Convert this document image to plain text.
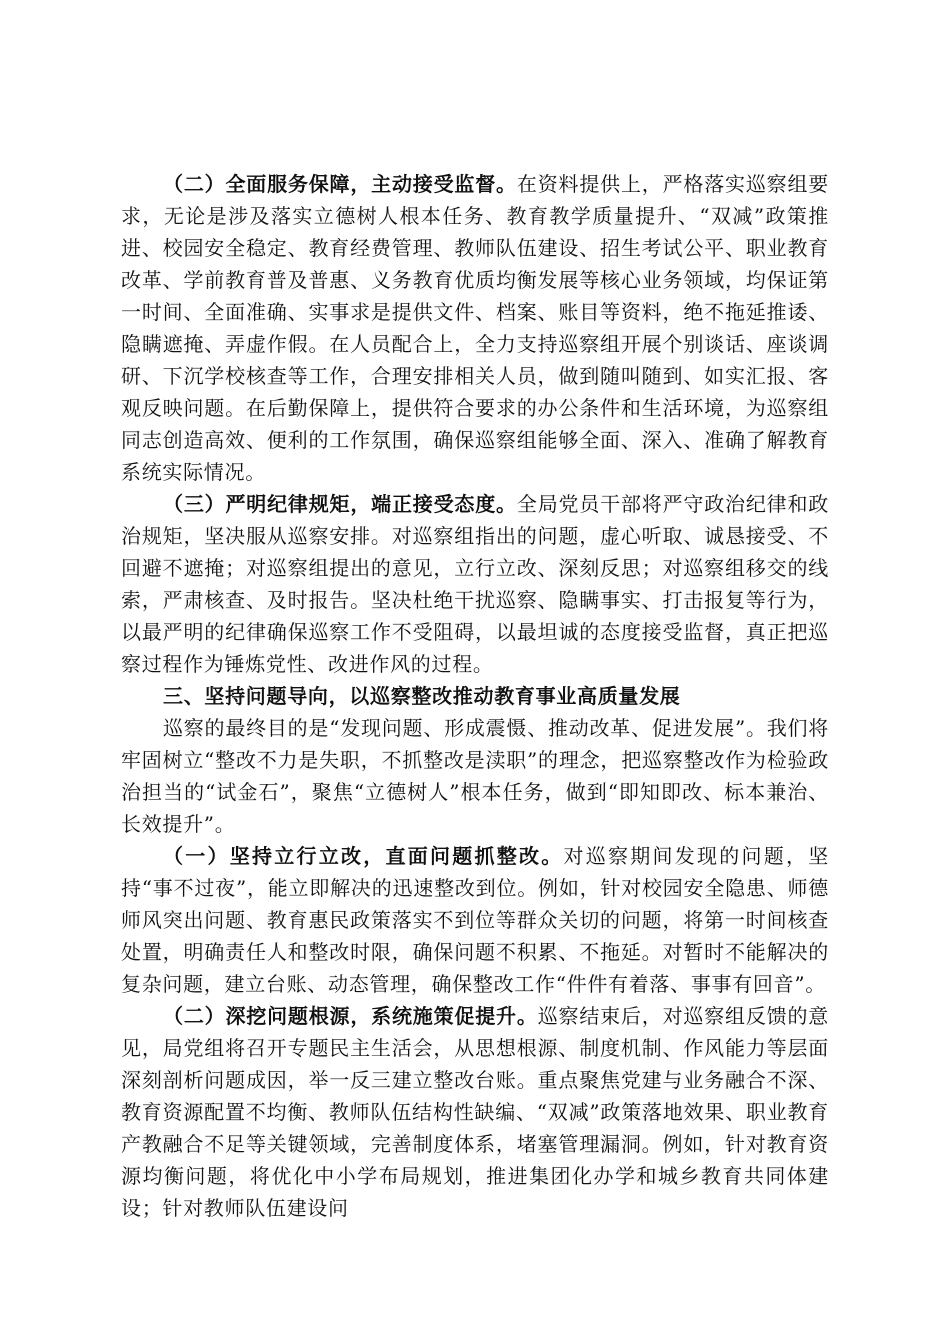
（二）全面服务保障，主动接受监督。在资料提供上，严格落实巡察组要求，无论是涉及落实立德树人根本任务、教育教学质量提升、“双减”政策推进、校园安全稳定、教育经费管理、教师队伍建设、招生考试公平、职业教育改革、学前教育普及普惠、义务教育优质均衡发展等核心业务领域，均保证第一时间、全面准确、实事求是提供文件、档案、账目等资料，绝不拖延推诿、隐瞒遮掩、弄虚作假。在人员配合上，全力支持巡察组开展个别谈话、座谈调研、下沉学校核查等工作，合理安排相关人员，做到随叫随到、如实汇报、客观反映问题。在后勤保障上，提供符合要求的办公条件和生活环境，为巡察组同志创造高效、便利的工作氛围，确保巡察组能够全面、深入、准确了解教育系统实际情况。

（三）严明纪律规矩，端正接受态度。全局党员干部将严守政治纪律和政治规矩，坚决服从巡察安排。对巡察组指出的问题，虚心听取、诚恳接受、不回避不遮掩；对巡察组提出的意见，立行立改、深刻反思；对巡察组移交的线索，严肃核查、及时报告。坚决杜绝干扰巡察、隐瞒事实、打击报复等行为，以最严明的纪律确保巡察工作不受阻碍，以最坦诚的态度接受监督，真正把巡察过程作为锤炼党性、改进作风的过程。

三、坚持问题导向，以巡察整改推动教育事业高质量发展

巡察的最终目的是“发现问题、形成震慑、推动改革、促进发展”。我们将牢固树立“整改不力是失职，不抓整改是渎职”的理念，把巡察整改作为检验政治担当的“试金石”，聚焦“立德树人”根本任务，做到“即知即改、标本兼治、长效提升”。

（一）坚持立行立改，直面问题抓整改。对巡察期间发现的问题，坚持“事不过夜”，能立即解决的迅速整改到位。例如，针对校园安全隐患、师德师风突出问题、教育惠民政策落实不到位等群众关切的问题，将第一时间核查处置，明确责任人和整改时限，确保问题不积累、不拖延。对暂时不能解决的复杂问题，建立台账、动态管理，确保整改工作“件件有着落、事事有回音”。

（二）深挖问题根源，系统施策促提升。巡察结束后，对巡察组反馈的意见，局党组将召开专题民主生活会，从思想根源、制度机制、作风能力等层面深刻剖析问题成因，举一反三建立整改台账。重点聚焦党建与业务融合不深、教育资源配置不均衡、教师队伍结构性缺编、“双减”政策落地效果、职业教育产教融合不足等关键领域，完善制度体系，堵塞管理漏洞。例如，针对教育资源均衡问题，将优化中小学布局规划，推进集团化办学和城乡教育共同体建设；针对教师队伍建设问
